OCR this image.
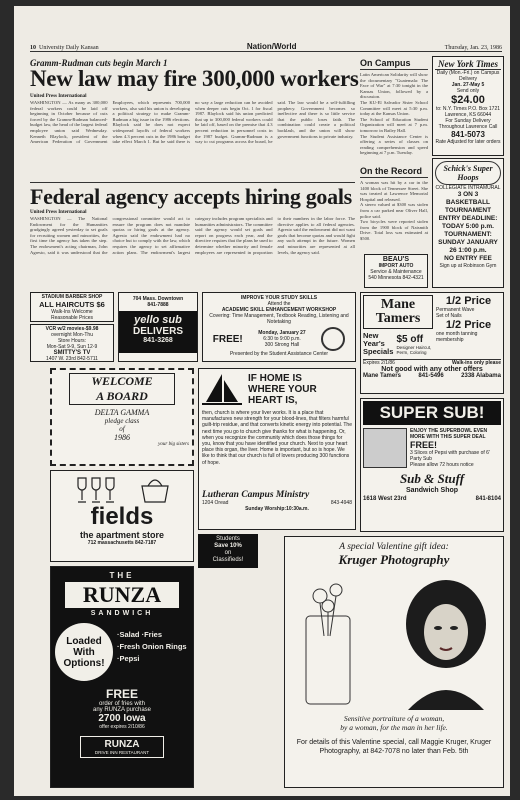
10 University Daily Kansan	Nation/World	Thursday, Jan. 23, 1986
Gramm-Rudman cuts begin March 1
New law may fire 300,000 workers
United Press International
WASHINGTON — As many as 300,000 federal workers could be laid off beginning in October because of cuts forced by the Gramm-Rudman balanced-budget law, the head of the largest federal employee union said Wednesday. Kenneth Blaylock, president of the American Federation of Government Employees, which represents 700,000 workers, also said his union is developing a political strategy to make Gramm-Rudman a big issue in the 1986 elections. Blaylock said he does not expect widespread layoffs of federal workers when 4.3 percent cuts in the 1986 budget take effect March 1. But he said there is no way a large reduction can be avoided when deeper cuts begin Oct. 1 for fiscal 1987. Blaylock said his union predicted that up to 300,000 federal workers could be laid off, based on the premise that 4.3 percent reduction in personnel costs in the 1987 budget. Gramm-Rudman is a way to cut programs across the board, he said. The law would be a self-fulfilling prophecy. Government becomes so ineffective and there is so little service that the public loses faith. The combination could create a political backlash, and the union will show government functions to private industry.
Federal agency accepts hiring goals
United Press International
WASHINGTON — The National Endowment for the Humanities grudgingly agreed yesterday to set goals for recruiting women and minorities, the first time the agency has taken the step. The endowment's acting chairman, John Agresto, said it was understood that the congressional committee would act to ensure the program does not mandate quotas or hiring goals at the agency. Agresto said the endowment had no choice but to comply with the law, which requires the agency to set affirmative action plans. The endowment's largest category includes program specialists and humanities administrators. The committee said the agency would set goals and report on progress each year, and the directive requires that the plans be used to determine whether minority and female employees are represented in proportion to their numbers in the labor force. The directive applies to all federal agencies. Agresto said the endowment did not want goals that become quotas and would fight any such attempt in the future. Women and minorities are represented at all levels, the agency said.
On Campus

Latin American Solidarity will show the documentary "Guatemala: The Face of War" at 7:30 tonight in the Kansas Union, followed by a discussion.

The KU-El Salvador Sister School Committee will meet at 5:30 p.m. today at the Kansas Union.

The School of Education Student Organization will meet at 7 p.m. tomorrow in Bailey Hall.

The Student Assistance Center is offering a series of classes on reading comprehension and speed beginning at 7 p.m. Tuesday.

On the Record

A woman was hit by a car in the 1400 block of Tennessee Street. She was treated at Lawrence Memorial Hospital and released.

A stereo valued at $300 was stolen from a car parked near Oliver Hall, police said.

Two bicycles were reported stolen from the 1900 block of Naismith Drive. Total loss was estimated at $500.

New York Times
Daily (Mon.-Fri.) on Campus Delivery
Jan. 27-May 5
Send only
$24.00
to: N.Y. Times P.O. Box 1721 Lawrence, KS 66044
For Sunday Delivery Throughout Lawrence Call
841-5073
Rate Adjusted for later orders
Schick's Super Hoops
COLLEGIATE INTRAMURAL
3 ON 3 BASKETBALL TOURNAMENT
ENTRY DEADLINE: TODAY 5:00 p.m.
TOURNAMENT: SUNDAY JANUARY 26 1:00 p.m.
NO ENTRY FEE
Sign up at Robinson Gym
BEAU'S
IMPORT AUTO
Service & Maintenance
540 Minnesota 842-4321
STADIUM BARBER SHOP
ALL HAIRCUTS $6
Walk-Ins Welcome
Reasonable Prices
VCR w/2 movies-$9.98
overnight Mon-Thu
Store Hours:
Mon-Sat 9-9, Sun 12-9
SMITTY'S TV
1407 W. 23rd 842-5711
704 Mass. Downtown
841-7888
yello sub
DELIVERS
841-3268
IMPROVE YOUR STUDY SKILLS
Attend the
ACADEMIC SKILL ENHANCEMENT WORKSHOP
Covering: Time Management, Textbook Reading, Listening and Notetaking
FREE!
Monday, January 27
6:30 to 9:00 p.m.
300 Strong Hall
Presented by the Student Assistance Center
Mane Tamers
New Year's Specials
$5 off
Designer Haircut, Perm, Coloring
1/2 Price
Permanent Wave
Set of Nails
1/2 Price
one month tanning membership
Expires 2/1/86	Walk-ins only please
Not good with any other offers
Mane Tamers	841-5496	2338 Alabama
WELCOME
A BOARD
DELTA GAMMA
pledge class
of
1986
your big sisters
IF HOME IS
WHERE YOUR
HEART IS,
then, church is where your liver works. It is a place that manufactures new strength for your blood-lines, that filters harmful guilt-trip residue, and that converts kinetic energy into potential. The next time you go to church give thanks for what is happening. Or, when you recognize the community which does those things for you, know that you have identified your church. Next to your heart place this organ, the liver. Home is important, but so is hope. We like to think that our church is full of lovers producing 300 functions of hope.
Lutheran Campus Ministry
1204 Oread	843-4948
Sunday Worship:10:30a.m.
SUPER SUB!
ENJOY THE SUPERBOWL EVEN MORE WITH THIS SUPER DEAL
FREE!
3 Slices of Pepsi with purchase of 6' Party Sub
Please allow 72 hours notice
Sub & Stuff
Sandwich Shop
1618 West 23rd	841-8104
fields
the apartment store
712 massachusetts 842-7187
Students
Save 10%
on
Classifieds!
THE
RUNZA
SANDWICH
Loaded
With
Options!
·Salad ·Fries
·Fresh Onion Rings
·Pepsi
FREE
order of fries with
any RUNZA purchase
2700 Iowa
offer expires 2/10/86
RUNZA
DRIVE INN RESTAURANT
A special Valentine gift idea:
Kruger Photography
Sensitive portraiture of a woman,
by a woman, for the man in her life.
For details of this Valentine special, call Maggie Kruger, Kruger Photography, at 842-7078 no later than Feb. 5th
